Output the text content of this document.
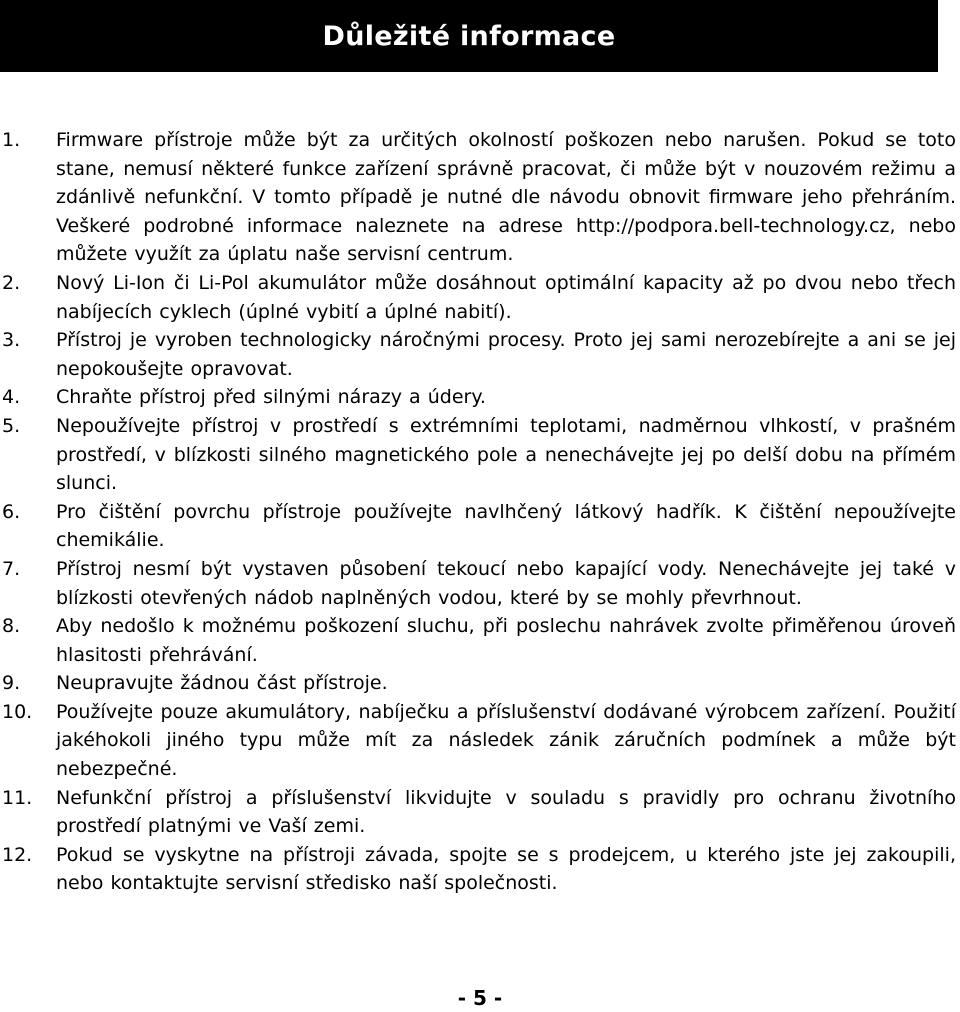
Důležité informace
1.	Firmware přístroje může být za určitých okolností poškozen nebo narušen. Pokud se toto stane, nemusí některé funkce zařízení správně pracovat, či může být v nouzovém režimu a zdánlivě nefunkční. V tomto případě je nutné dle návodu obnovit firmware jeho přehráním. Veškeré podrobné informace naleznete na adrese http://podpora.bell-technology.cz, nebo můžete využít za úplatu naše servisní centrum.
2.	Nový Li-Ion či Li-Pol akumulátor může dosáhnout optimální kapacity až po dvou nebo třech nabíjecích cyklech (úplné vybití a úplné nabití).
3.	Přístroj je vyroben technologicky náročnými procesy. Proto jej sami nerozebírejte a ani se jej nepokoušejte opravovat.
4.	Chraňte přístroj před silnými nárazy a údery.
5.	Nepoužívejte přístroj v prostředí s extrémními teplotami, nadměrnou vlhkostí, v prašném prostředí, v blízkosti silného magnetického pole a nenechávejte jej po delší dobu na přímém slunci.
6.	Pro čištění povrchu přístroje používejte navlhčený látkový hadřík. K čištění nepoužívejte chemikálie.
7.	Přístroj nesmí být vystaven působení tekoucí nebo kapající vody. Nenechávejte jej také v blízkosti otevřených nádob naplněných vodou, které by se mohly převrhnout.
8.	Aby nedošlo k možnému poškození sluchu, při poslechu nahrávek zvolte přiměřenou úroveň hlasitosti přehrávání.
9.	Neupravujte žádnou část přístroje.
10.	Používejte pouze akumulátory, nabíječku a příslušenství dodávané výrobcem zařízení. Použití jakéhokoli jiného typu může mít za následek zánik záručních podmínek a může být nebezpečné.
11.	Nefunkční přístroj a příslušenství likvidujte v souladu s pravidly pro ochranu životního prostředí platnými ve Vaší zemi.
12.	Pokud se vyskytne na přístroji závada, spojte se s prodejcem, u kterého jste jej zakoupili, nebo kontaktujte servisní středisko naší společnosti.
- 5 -
